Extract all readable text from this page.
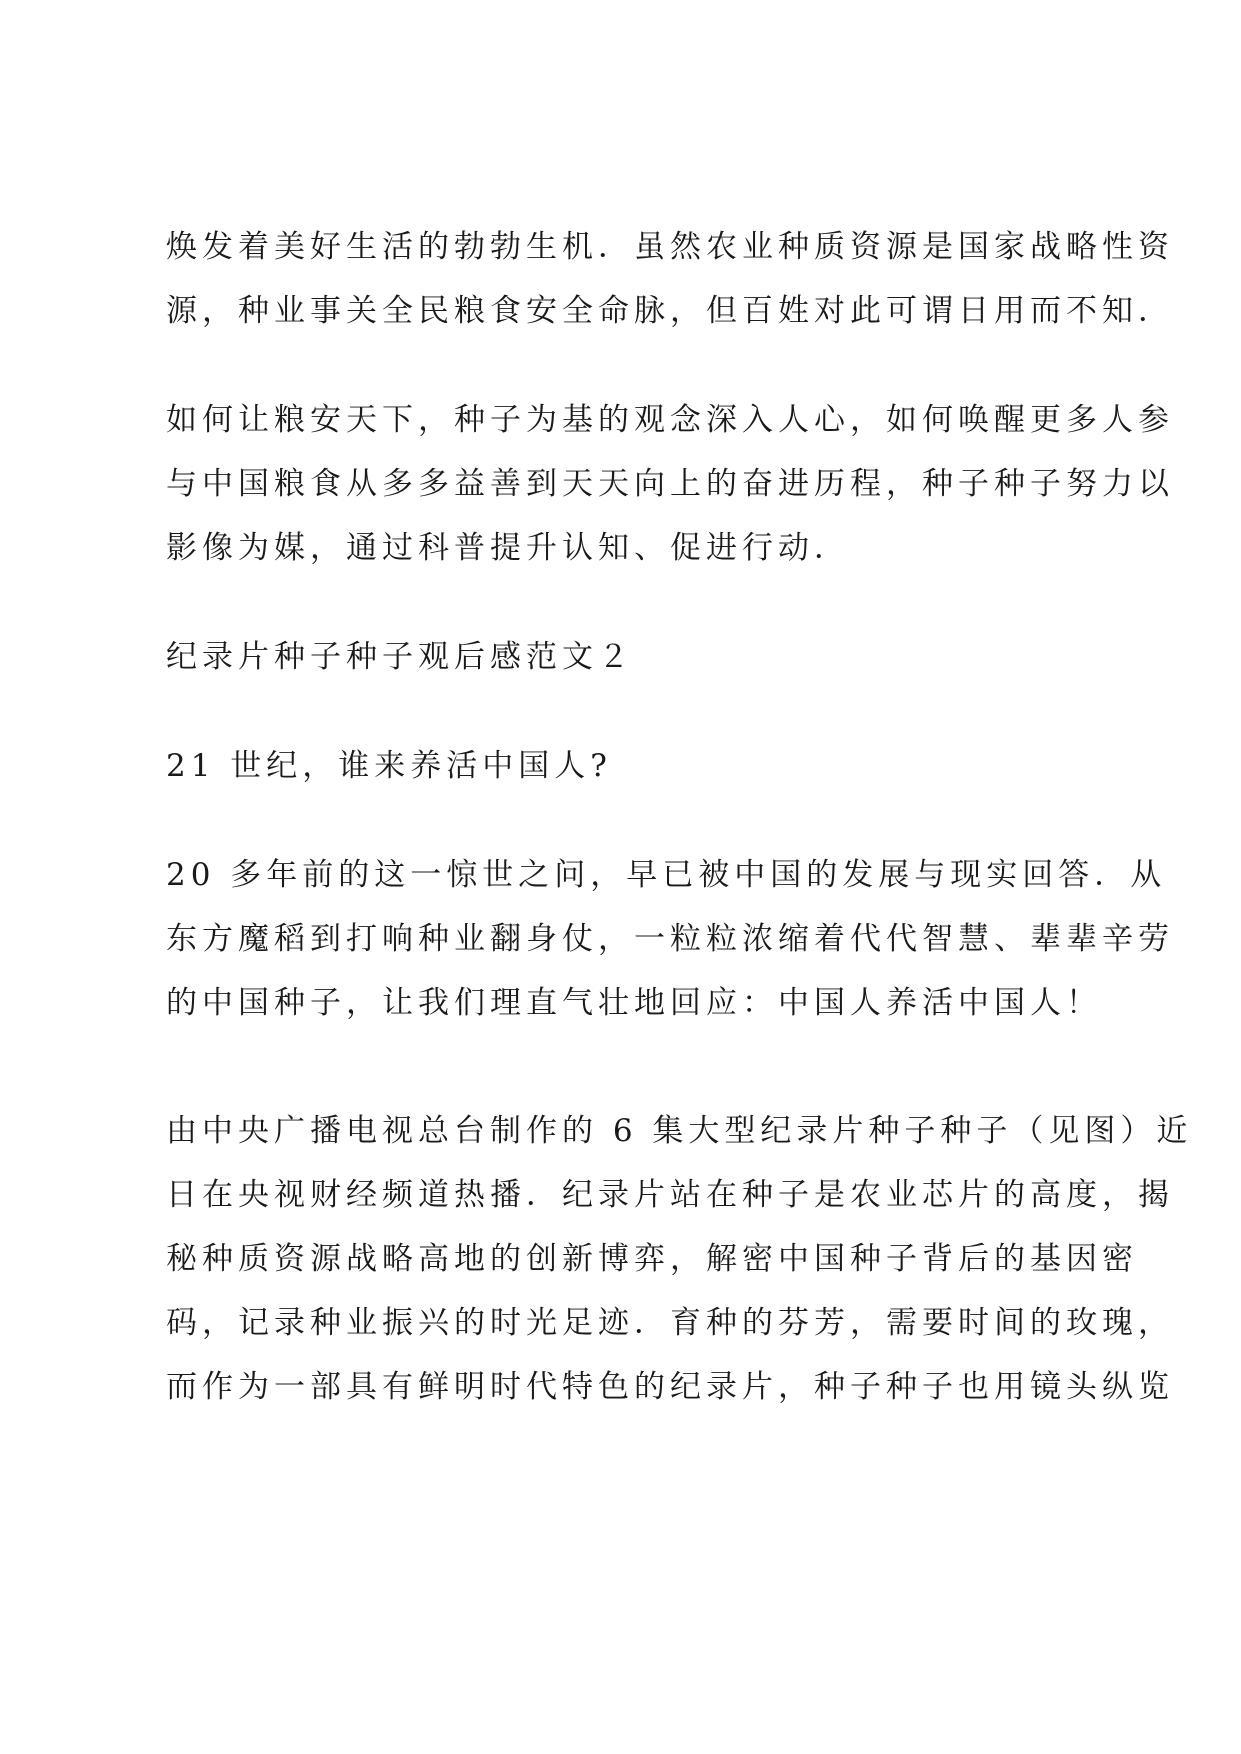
焕发着美好生活的勃勃生机．虽然农业种质资源是国家战略性资

源，种业事关全民粮食安全命脉，但百姓对此可谓日用而不知．

如何让粮安天下，种子为基的观念深入人心，如何唤醒更多人参

与中国粮食从多多益善到天天向上的奋进历程，种子种子努力以

影像为媒，通过科普提升认知、促进行动．

纪录片种子种子观后感范文２

21 世纪，谁来养活中国人?

20 多年前的这一惊世之问，早已被中国的发展与现实回答．从

东方魔稻到打响种业翻身仗，一粒粒浓缩着代代智慧、辈辈辛劳

的中国种子，让我们理直气壮地回应：中国人养活中国人！

由中央广播电视总台制作的 6 集大型纪录片种子种子（见图）近

日在央视财经频道热播．纪录片站在种子是农业芯片的高度，揭

秘种质资源战略高地的创新博弈，解密中国种子背后的基因密

码，记录种业振兴的时光足迹．育种的芬芳，需要时间的玫瑰，

而作为一部具有鲜明时代特色的纪录片，种子种子也用镜头纵览
